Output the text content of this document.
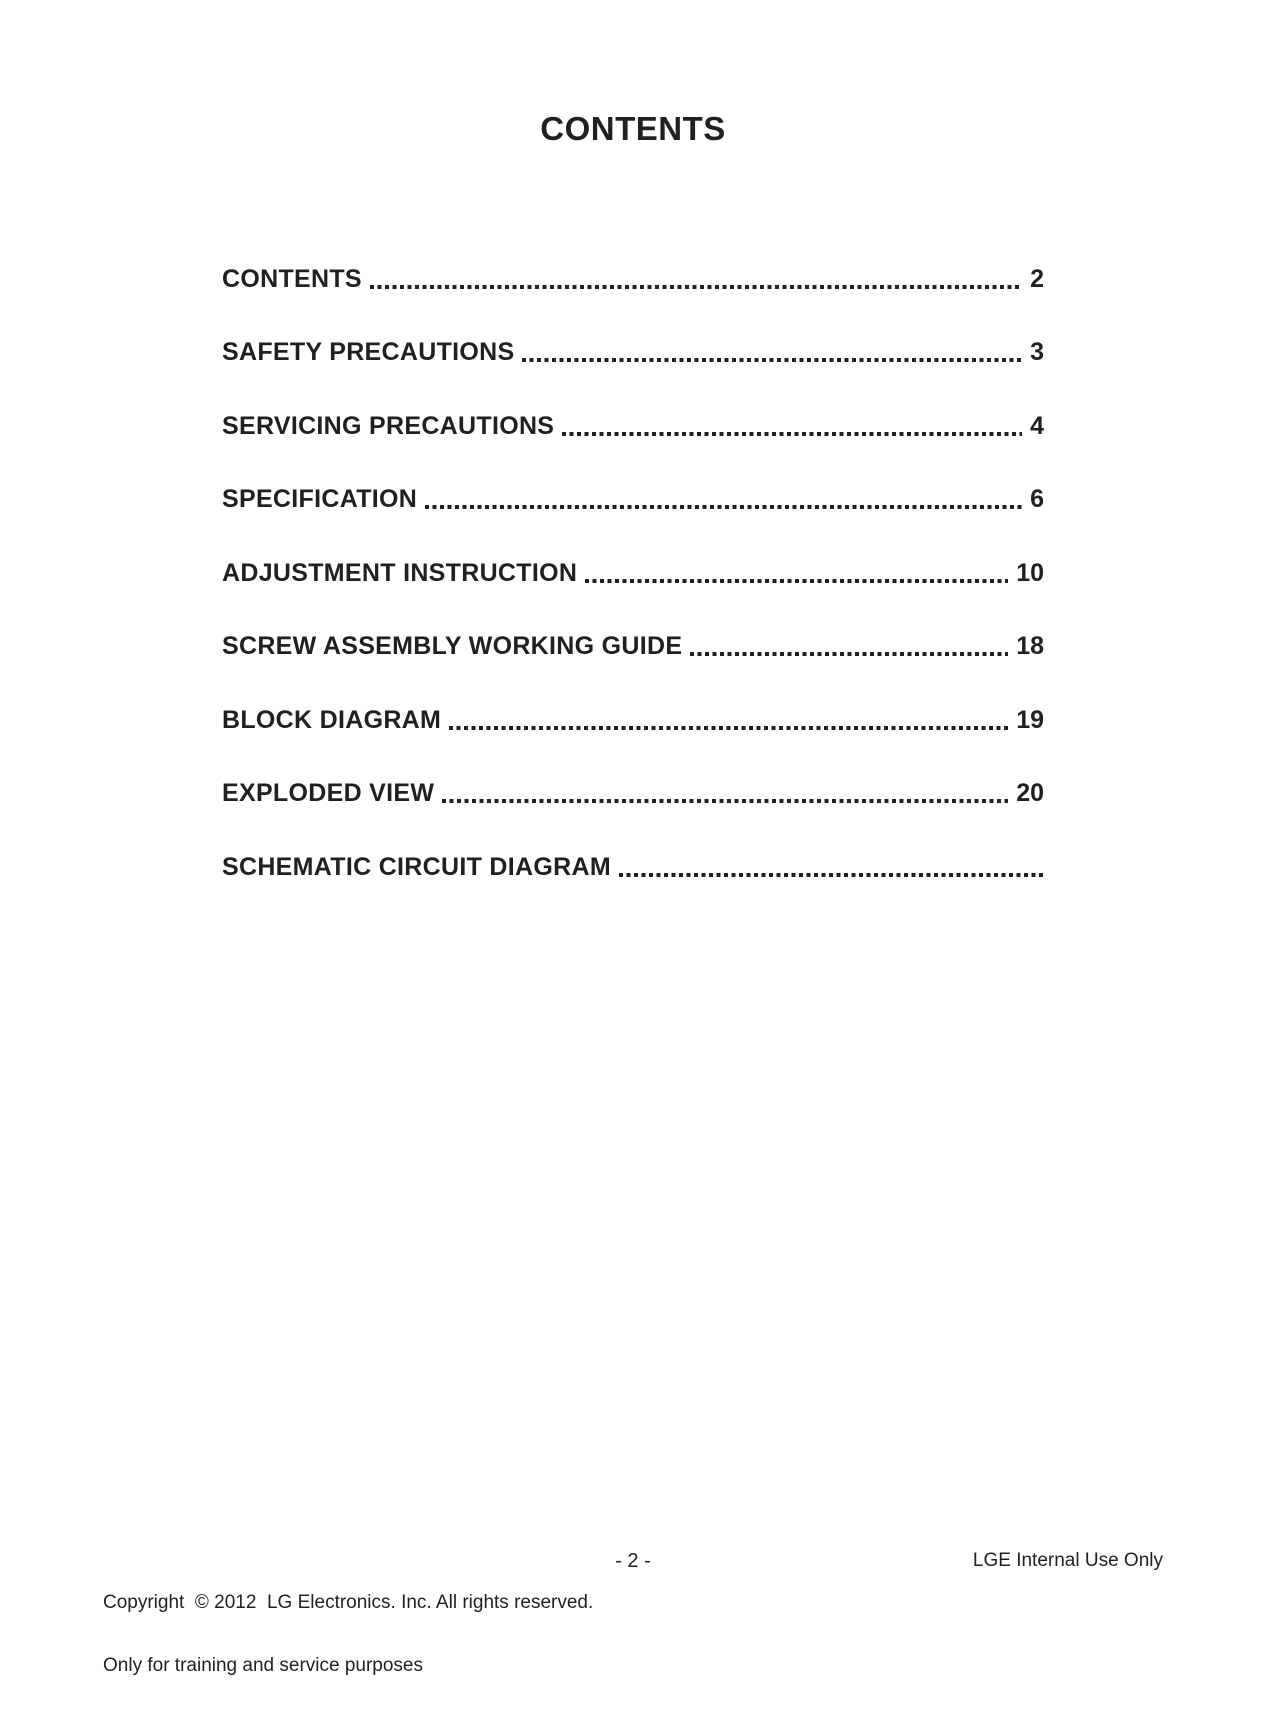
CONTENTS
CONTENTS	2
SAFETY PRECAUTIONS	3
SERVICING PRECAUTIONS	4
SPECIFICATION	6
ADJUSTMENT INSTRUCTION	10
SCREW ASSEMBLY WORKING GUIDE	18
BLOCK DIAGRAM	19
EXPLODED VIEW	20
SCHEMATIC CIRCUIT DIAGRAM

Copyright  © 2012  LG Electronics. Inc. All rights reserved.

Only for training and service purposes

- 2 -	LGE Internal Use Only
